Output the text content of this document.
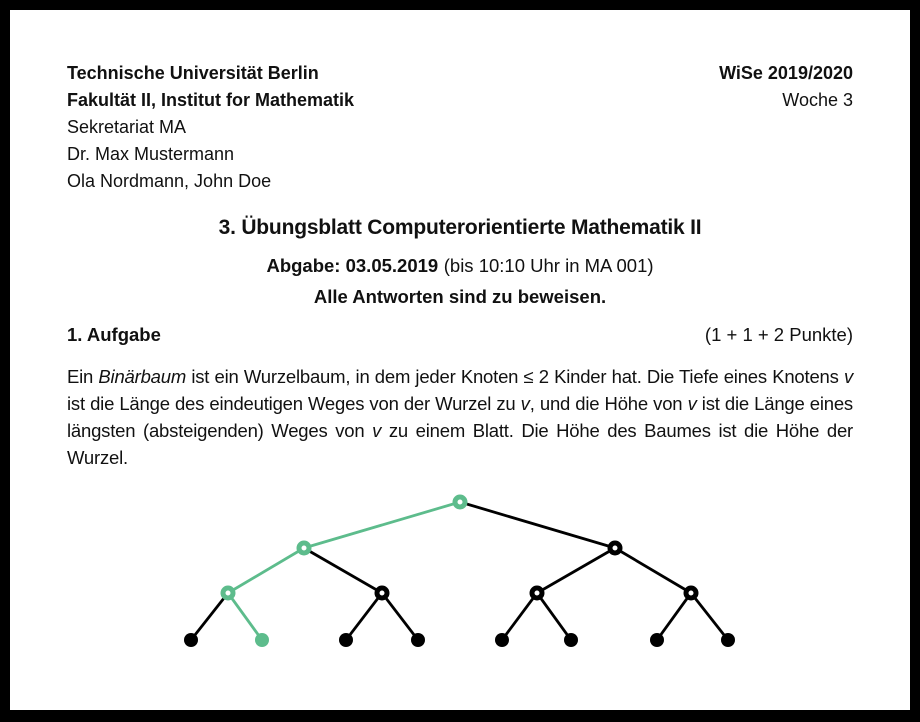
Technische Universität Berlin
Fakultät II, Institut for Mathematik
Sekretariat MA
Dr. Max Mustermann
Ola Nordmann, John Doe
WiSe 2019/2020
Woche 3
3. Übungsblatt Computerorientierte Mathematik II
Abgabe: 03.05.2019 (bis 10:10 Uhr in MA 001)
Alle Antworten sind zu beweisen.
1. Aufgabe	(1 + 1 + 2 Punkte)
Ein Binärbaum ist ein Wurzelbaum, in dem jeder Knoten ≤ 2 Kinder hat. Die Tiefe eines Knotens v ist die Länge des eindeutigen Weges von der Wurzel zu v, und die Höhe von v ist die Länge eines längsten (absteigenden) Weges von v zu einem Blatt. Die Höhe des Baumes ist die Höhe der Wurzel.
